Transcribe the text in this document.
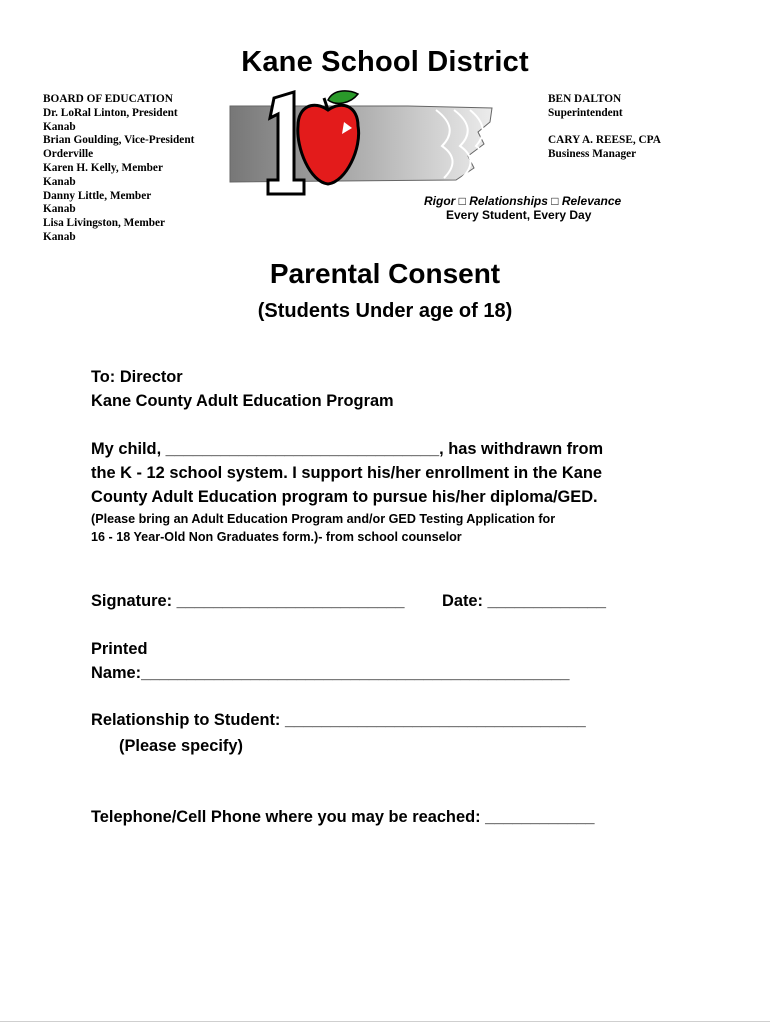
Kane School District
BOARD OF EDUCATION
Dr. LoRal Linton, President
Kanab
Brian Goulding, Vice-President
Orderville
Karen H. Kelly, Member
Kanab
Danny Little, Member
Kanab
Lisa Livingston, Member
Kanab
BEN DALTON
Superintendent
CARY A. REESE, CPA
Business Manager
Rigor □ Relationships □ Relevance
Every Student, Every Day
Parental Consent
(Students Under age of 18)
To: Director
Kane County Adult Education Program
My child, ______________________________, has withdrawn from
the K - 12 school system. I support his/her enrollment in the Kane
County Adult Education program to pursue his/her diploma/GED.
(Please bring an Adult Education Program and/or GED Testing Application for
16 - 18 Year-Old Non Graduates form.)- from school counselor
Signature: _________________________ Date: _____________
Printed
Name:_______________________________________________
Relationship to Student: _________________________________
(Please specify)
Telephone/Cell Phone where you may be reached: ____________
